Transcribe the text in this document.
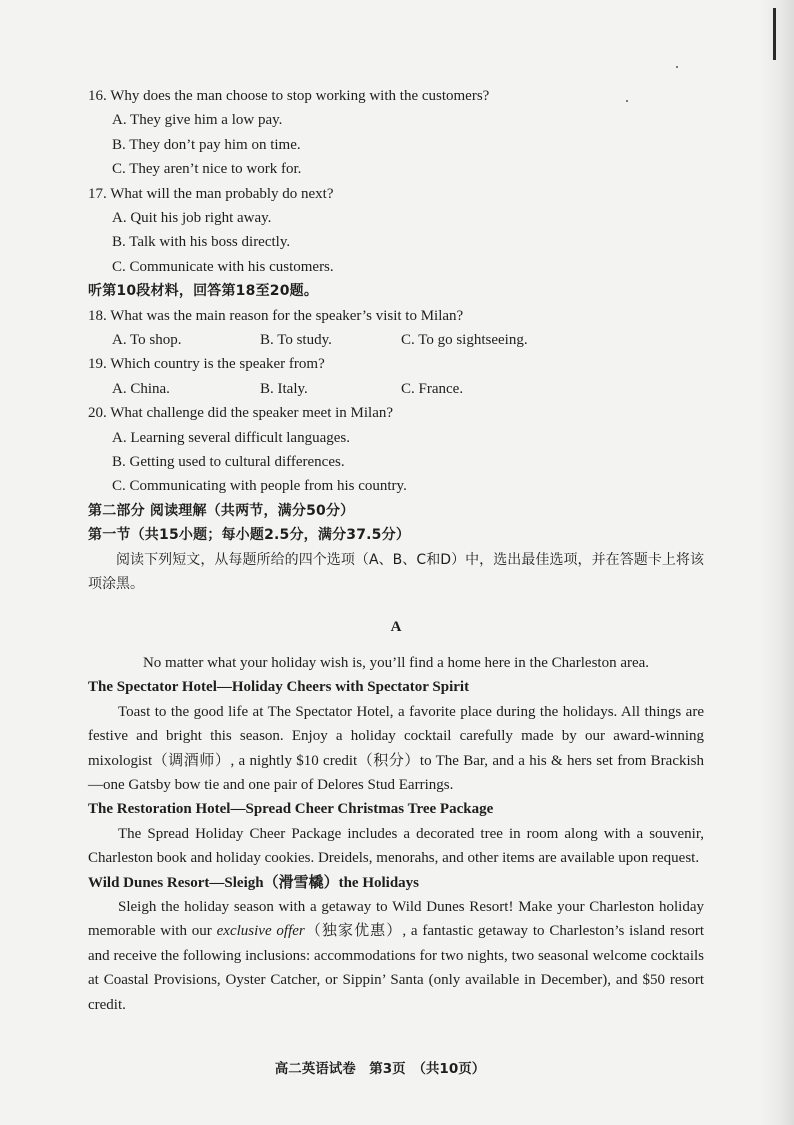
16. Why does the man choose to stop working with the customers?
A. They give him a low pay.
B. They don’t pay him on time.
C. They aren’t nice to work for.
17. What will the man probably do next?
A. Quit his job right away.
B. Talk with his boss directly.
C. Communicate with his customers.
听第10段材料，回答第18至20题。
18. What was the main reason for the speaker’s visit to Milan?
A. To shop.	B. To study.	C. To go sightseeing.
19. Which country is the speaker from?
A. China.	B. Italy.	C. France.
20. What challenge did the speaker meet in Milan?
A. Learning several difficult languages.
B. Getting used to cultural differences.
C. Communicating with people from his country.
第二部分 阅读理解（共两节，满分50分）
第一节（共15小题；每小题2.5分，满分37.5分）
阅读下列短文，从每题所给的四个选项（A、B、C和D）中，选出最佳选项，并在答题卡上将该项涂黑。
A
No matter what your holiday wish is, you’ll find a home here in the Charleston area.
The Spectator Hotel—Holiday Cheers with Spectator Spirit
Toast to the good life at The Spectator Hotel, a favorite place during the holidays. All things are festive and bright this season. Enjoy a holiday cocktail carefully made by our award-winning mixologist（调酒师）, a nightly $10 credit（积分）to The Bar, and a his & hers set from Brackish—one Gatsby bow tie and one pair of Delores Stud Earrings.
The Restoration Hotel—Spread Cheer Christmas Tree Package
The Spread Holiday Cheer Package includes a decorated tree in room along with a souvenir, Charleston book and holiday cookies. Dreidels, menorahs, and other items are available upon request.
Wild Dunes Resort—Sleigh（滑雪橇）the Holidays
Sleigh the holiday season with a getaway to Wild Dunes Resort! Make your Charleston holiday memorable with our exclusive offer（独家优惠）, a fantastic getaway to Charleston’s island resort and receive the following inclusions: accommodations for two nights, two seasonal welcome cocktails at Coastal Provisions, Oyster Catcher, or Sippin’ Santa (only available in December), and $50 resort credit.
高二英语试卷　第3页　（共10页）
